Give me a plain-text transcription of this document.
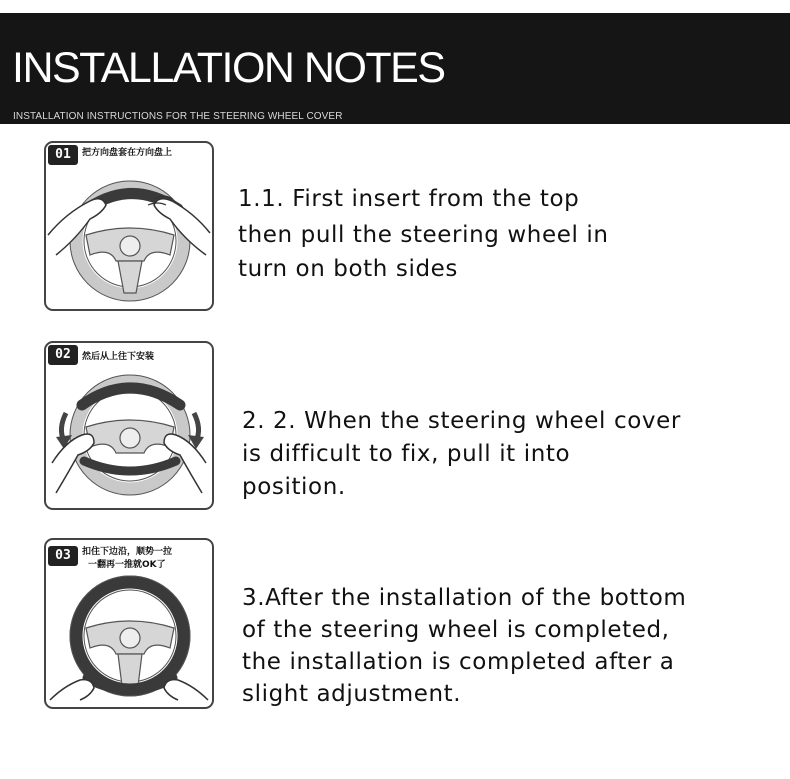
INSTALLATION NOTES
INSTALLATION INSTRUCTIONS FOR THE STEERING WHEEL COVER
01	把方向盘套在方向盘上
1.1. First insert from the top
then pull the steering wheel in
turn on both sides
02	然后从上往下安装
2. 2. When the steering wheel cover
is difficult to fix, pull it into
position.
03	扣住下边沿，顺势一拉
一翻再一推就OK了
3.After the installation of the bottom
of the steering wheel is completed,
the installation is completed after a
slight adjustment.
